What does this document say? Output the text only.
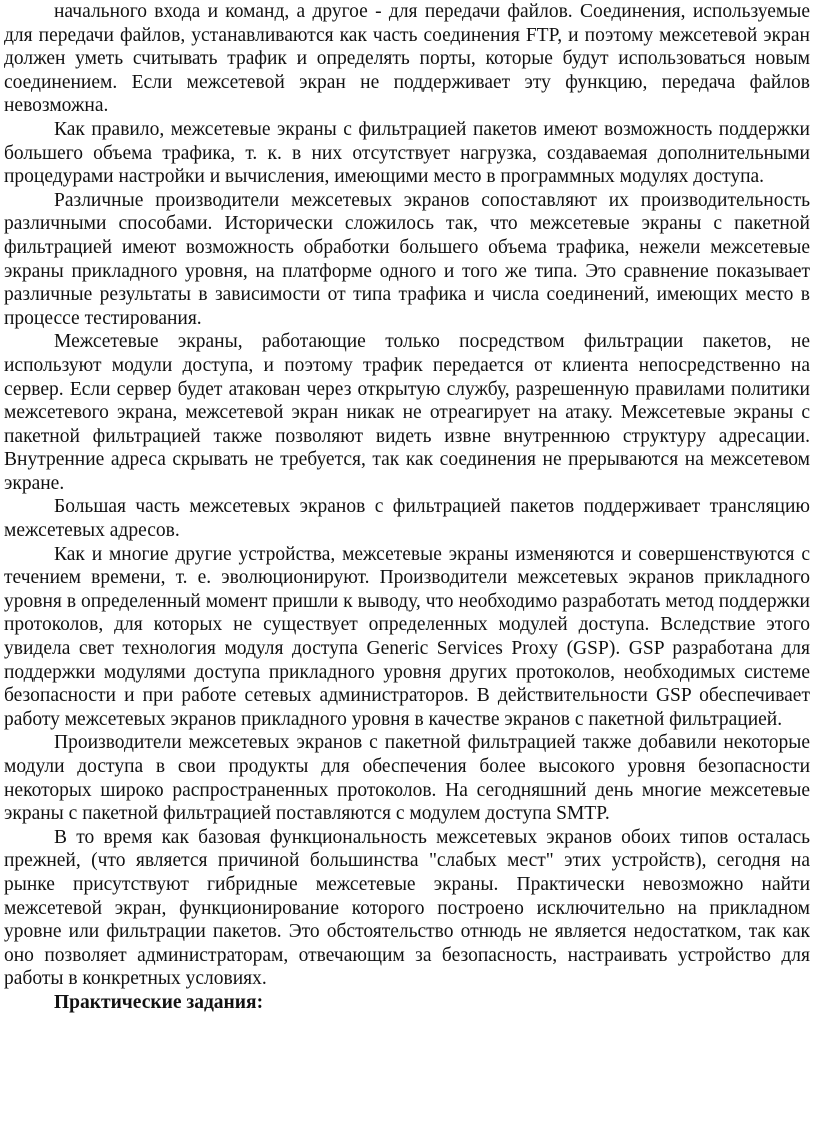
начального входа и команд, а другое - для передачи файлов. Соединения, используемые для передачи файлов, устанавливаются как часть соединения FTP, и поэтому межсетевой экран должен уметь считывать трафик и определять порты, которые будут использоваться новым соединением. Если межсетевой экран не поддерживает эту функцию, передача файлов невозможна.

Как правило, межсетевые экраны с фильтрацией пакетов имеют возможность поддержки большего объема трафика, т. к. в них отсутствует нагрузка, создаваемая дополнительными процедурами настройки и вычисления, имеющими место в программных модулях доступа.

Различные производители межсетевых экранов сопоставляют их производительность различными способами. Исторически сложилось так, что межсетевые экраны с пакетной фильтрацией имеют возможность обработки большего объема трафика, нежели межсетевые экраны прикладного уровня, на платформе одного и того же типа. Это сравнение показывает различные результаты в зависимости от типа трафика и числа соединений, имеющих место в процессе тестирования.

Межсетевые экраны, работающие только посредством фильтрации пакетов, не используют модули доступа, и поэтому трафик передается от клиента непосредственно на сервер. Если сервер будет атакован через открытую службу, разрешенную правилами политики межсетевого экрана, межсетевой экран никак не отреагирует на атаку. Межсетевые экраны с пакетной фильтрацией также позволяют видеть извне внутреннюю структуру адресации. Внутренние адреса скрывать не требуется, так как соединения не прерываются на межсетевом экране.

Большая часть межсетевых экранов с фильтрацией пакетов поддерживает трансляцию межсетевых адресов.

Как и многие другие устройства, межсетевые экраны изменяются и совершенствуются с течением времени, т. е. эволюционируют. Производители межсетевых экранов прикладного уровня в определенный момент пришли к выводу, что необходимо разработать метод поддержки протоколов, для которых не существует определенных модулей доступа. Вследствие этого увидела свет технология модуля доступа Generic Services Proxy (GSP). GSP разработана для поддержки модулями доступа прикладного уровня других протоколов, необходимых системе безопасности и при работе сетевых администраторов. В действительности GSP обеспечивает работу межсетевых экранов прикладного уровня в качестве экранов с пакетной фильтрацией.

Производители межсетевых экранов с пакетной фильтрацией также добавили некоторые модули доступа в свои продукты для обеспечения более высокого уровня безопасности некоторых широко распространенных протоколов. На сегодняшний день многие межсетевые экраны с пакетной фильтрацией поставляются с модулем доступа SMTP.

В то время как базовая функциональность межсетевых экранов обоих типов осталась прежней, (что является причиной большинства "слабых мест" этих устройств), сегодня на рынке присутствуют гибридные межсетевые экраны. Практически невозможно найти межсетевой экран, функционирование которого построено исключительно на прикладном уровне или фильтрации пакетов. Это обстоятельство отнюдь не является недостатком, так как оно позволяет администраторам, отвечающим за безопасность, настраивать устройство для работы в конкретных условиях.

Практические задания:
